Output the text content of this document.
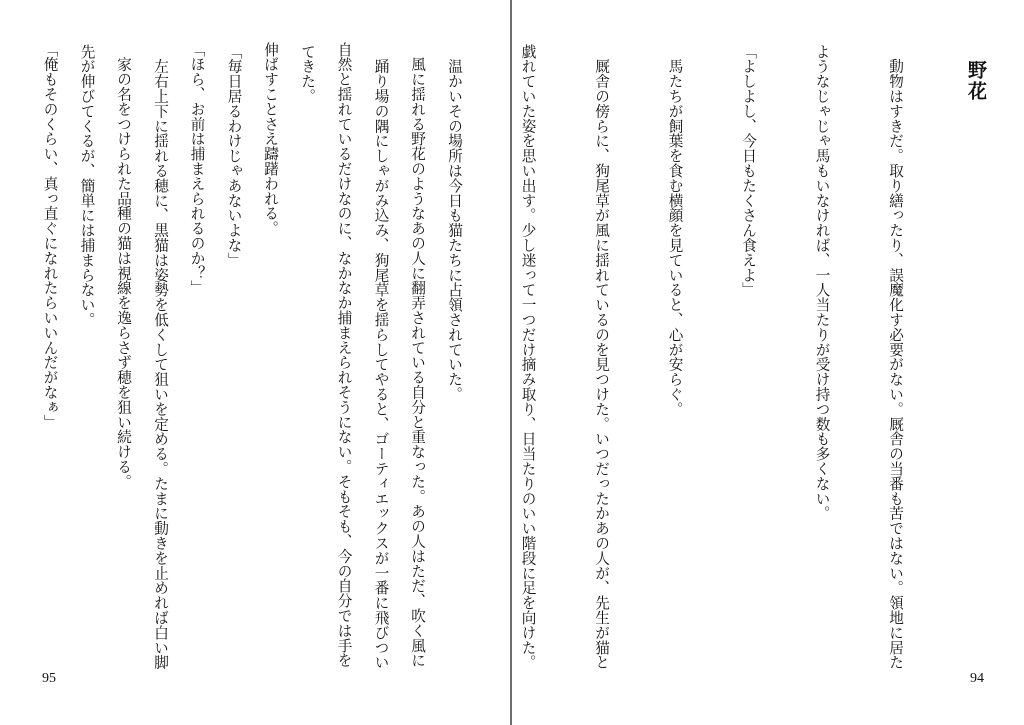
　風に揺れる野花のようなあの人に翻弄されている自分と重なった。あの人はただ、吹く風に

自然と揺れているだけなのに、なかなか捕まえられそうにない。そもそも、今の自分では手を

伸ばすことさえ躊躇われる。

「ほら、お前は捕まえられるのか？」

　家の名をつけられた品種の猫は視線を逸らさず穂を狙い続ける。

「俺もそのくらい、真っ直ぐになれたらいいんだがなぁ」

95
野花

　動物はすきだ。取り繕ったり、誤魔化す必要がない。厩舎の当番も苦ではない。領地に居た

ようなじゃじゃ馬もいなければ、一人当たりが受け持つ数も多くない。

「よしよし、今日もたくさん食えよ」

　馬たちが飼葉を食む横顔を見ていると、心が安らぐ。

　厩舎の傍らに、狗尾草が風に揺れているのを見つけた。いつだったかあの人が、先生が猫と

戯れていた姿を思い出す。少し迷って一つだけ摘み取り、日当たりのいい階段に足を向けた。

　温かいその場所は今日も猫たちに占領されていた。

　踊り場の隅にしゃがみ込み、狗尾草を揺らしてやると、ゴーティエックスが一番に飛びつい

てきた。

「毎日居るわけじゃあないよな」

　左右上下に揺れる穂に、黒猫は姿勢を低くして狙いを定める。たまに動きを止めれば白い脚

先が伸びてくるが、簡単には捕まらない。

94
